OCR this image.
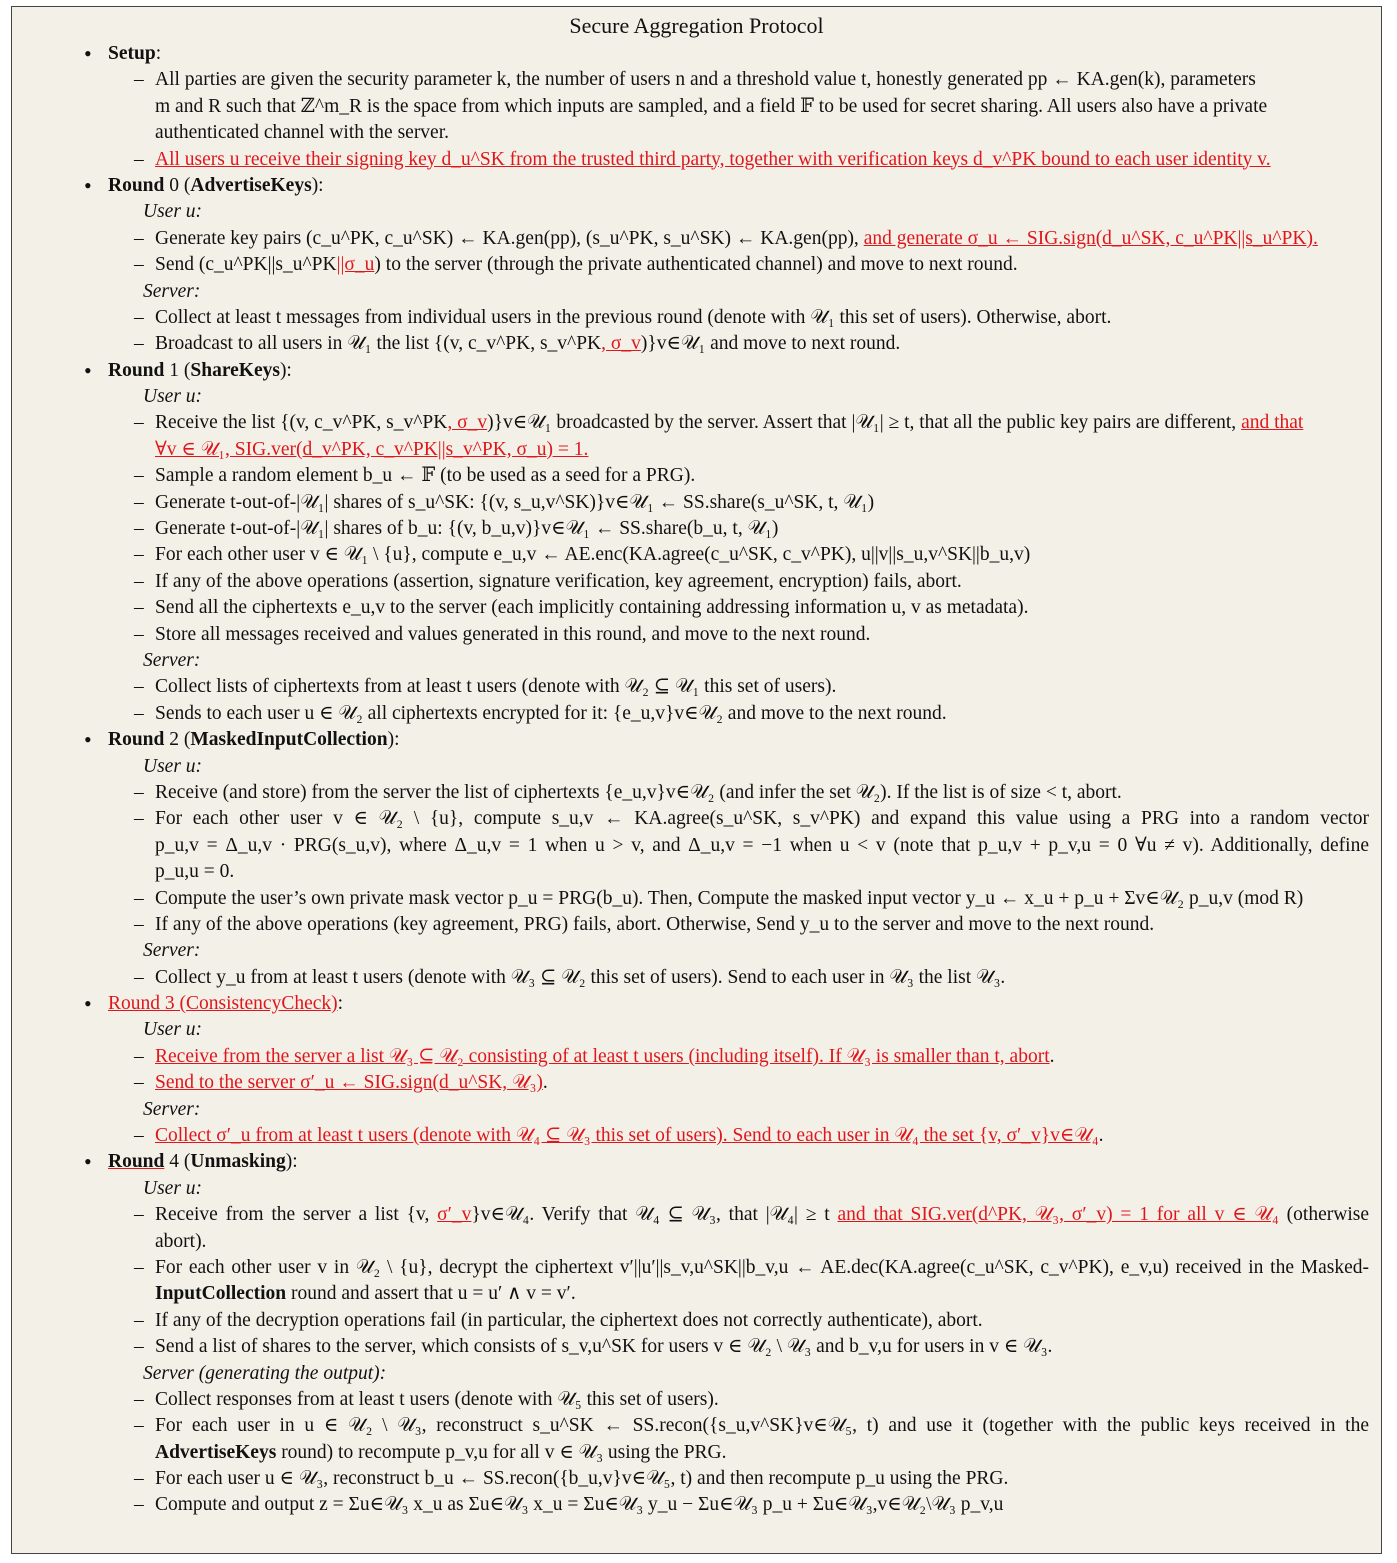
Secure Aggregation Protocol
• Setup:
– All parties are given the security parameter k, the number of users n and a threshold value t, honestly generated pp ← KA.gen(k), parameters
m and R such that ℤ^m_R is the space from which inputs are sampled, and a field 𝔽 to be used for secret sharing. All users also have a private
authenticated channel with the server.
– All users u receive their signing key d_u^SK from the trusted third party, together with verification keys d_v^PK bound to each user identity v.
• Round 0 (AdvertiseKeys):
User u:
– Generate key pairs (c_u^PK, c_u^SK) ← KA.gen(pp), (s_u^PK, s_u^SK) ← KA.gen(pp), and generate σ_u ← SIG.sign(d_u^SK, c_u^PK||s_u^PK).
– Send (c_u^PK||s_u^PK||σ_u) to the server (through the private authenticated channel) and move to next round.
Server:
– Collect at least t messages from individual users in the previous round (denote with 𝒰₁ this set of users). Otherwise, abort.
– Broadcast to all users in 𝒰₁ the list {(v, c_v^PK, s_v^PK, σ_v)}v∈𝒰₁ and move to next round.
• Round 1 (ShareKeys):
User u:
– Receive the list {(v, c_v^PK, s_v^PK, σ_v)}v∈𝒰₁ broadcasted by the server. Assert that |𝒰₁| ≥ t, that all the public key pairs are different, and that
∀v ∈ 𝒰₁, SIG.ver(d_v^PK, c_v^PK||s_v^PK, σ_u) = 1.
– Sample a random element b_u ← 𝔽 (to be used as a seed for a PRG).
– Generate t-out-of-|𝒰₁| shares of s_u^SK: {(v, s_u,v^SK)}v∈𝒰₁ ← SS.share(s_u^SK, t, 𝒰₁)
– Generate t-out-of-|𝒰₁| shares of b_u: {(v, b_u,v)}v∈𝒰₁ ← SS.share(b_u, t, 𝒰₁)
– For each other user v ∈ 𝒰₁ \ {u}, compute e_u,v ← AE.enc(KA.agree(c_u^SK, c_v^PK), u||v||s_u,v^SK||b_u,v)
– If any of the above operations (assertion, signature verification, key agreement, encryption) fails, abort.
– Send all the ciphertexts e_u,v to the server (each implicitly containing addressing information u, v as metadata).
– Store all messages received and values generated in this round, and move to the next round.
Server:
– Collect lists of ciphertexts from at least t users (denote with 𝒰₂ ⊆ 𝒰₁ this set of users).
– Sends to each user u ∈ 𝒰₂ all ciphertexts encrypted for it: {e_u,v}v∈𝒰₂ and move to the next round.
• Round 2 (MaskedInputCollection):
User u:
– Receive (and store) from the server the list of ciphertexts {e_u,v}v∈𝒰₂ (and infer the set 𝒰₂). If the list is of size < t, abort.
– For each other user v ∈ 𝒰₂ \ {u}, compute s_u,v ← KA.agree(s_u^SK, s_v^PK) and expand this value using a PRG into a random vector
p_u,v = Δ_u,v · PRG(s_u,v), where Δ_u,v = 1 when u > v, and Δ_u,v = −1 when u < v (note that p_u,v + p_v,u = 0 ∀u ≠ v). Additionally, define
p_u,u = 0.
– Compute the user’s own private mask vector p_u = PRG(b_u). Then, Compute the masked input vector y_u ← x_u + p_u + Σv∈𝒰₂ p_u,v (mod R)
– If any of the above operations (key agreement, PRG) fails, abort. Otherwise, Send y_u to the server and move to the next round.
Server:
– Collect y_u from at least t users (denote with 𝒰₃ ⊆ 𝒰₂ this set of users). Send to each user in 𝒰₃ the list 𝒰₃.
• Round 3 (ConsistencyCheck):
User u:
– Receive from the server a list 𝒰₃ ⊆ 𝒰₂ consisting of at least t users (including itself). If 𝒰₃ is smaller than t, abort.
– Send to the server σ′_u ← SIG.sign(d_u^SK, 𝒰₃).
Server:
– Collect σ′_u from at least t users (denote with 𝒰₄ ⊆ 𝒰₃ this set of users). Send to each user in 𝒰₄ the set {v, σ′_v}v∈𝒰₄.
• Round 4 (Unmasking):
User u:
– Receive from the server a list {v, σ′_v}v∈𝒰₄. Verify that 𝒰₄ ⊆ 𝒰₃, that |𝒰₄| ≥ t and that SIG.ver(d^PK, 𝒰₃, σ′_v) = 1 for all v ∈ 𝒰₄ (otherwise
abort).
– For each other user v in 𝒰₂ \ {u}, decrypt the ciphertext v′||u′||s_v,u^SK||b_v,u ← AE.dec(KA.agree(c_u^SK, c_v^PK), e_v,u) received in the Masked-
InputCollection round and assert that u = u′ ∧ v = v′.
– If any of the decryption operations fail (in particular, the ciphertext does not correctly authenticate), abort.
– Send a list of shares to the server, which consists of s_v,u^SK for users v ∈ 𝒰₂ \ 𝒰₃ and b_v,u for users in v ∈ 𝒰₃.
Server (generating the output):
– Collect responses from at least t users (denote with 𝒰₅ this set of users).
– For each user in u ∈ 𝒰₂ \ 𝒰₃, reconstruct s_u^SK ← SS.recon({s_u,v^SK}v∈𝒰₅, t) and use it (together with the public keys received in the
AdvertiseKeys round) to recompute p_v,u for all v ∈ 𝒰₃ using the PRG.
– For each user u ∈ 𝒰₃, reconstruct b_u ← SS.recon({b_u,v}v∈𝒰₅, t) and then recompute p_u using the PRG.
– Compute and output z = Σu∈𝒰₃ x_u as Σu∈𝒰₃ x_u = Σu∈𝒰₃ y_u − Σu∈𝒰₃ p_u + Σu∈𝒰₃,v∈𝒰₂\𝒰₃ p_v,u
